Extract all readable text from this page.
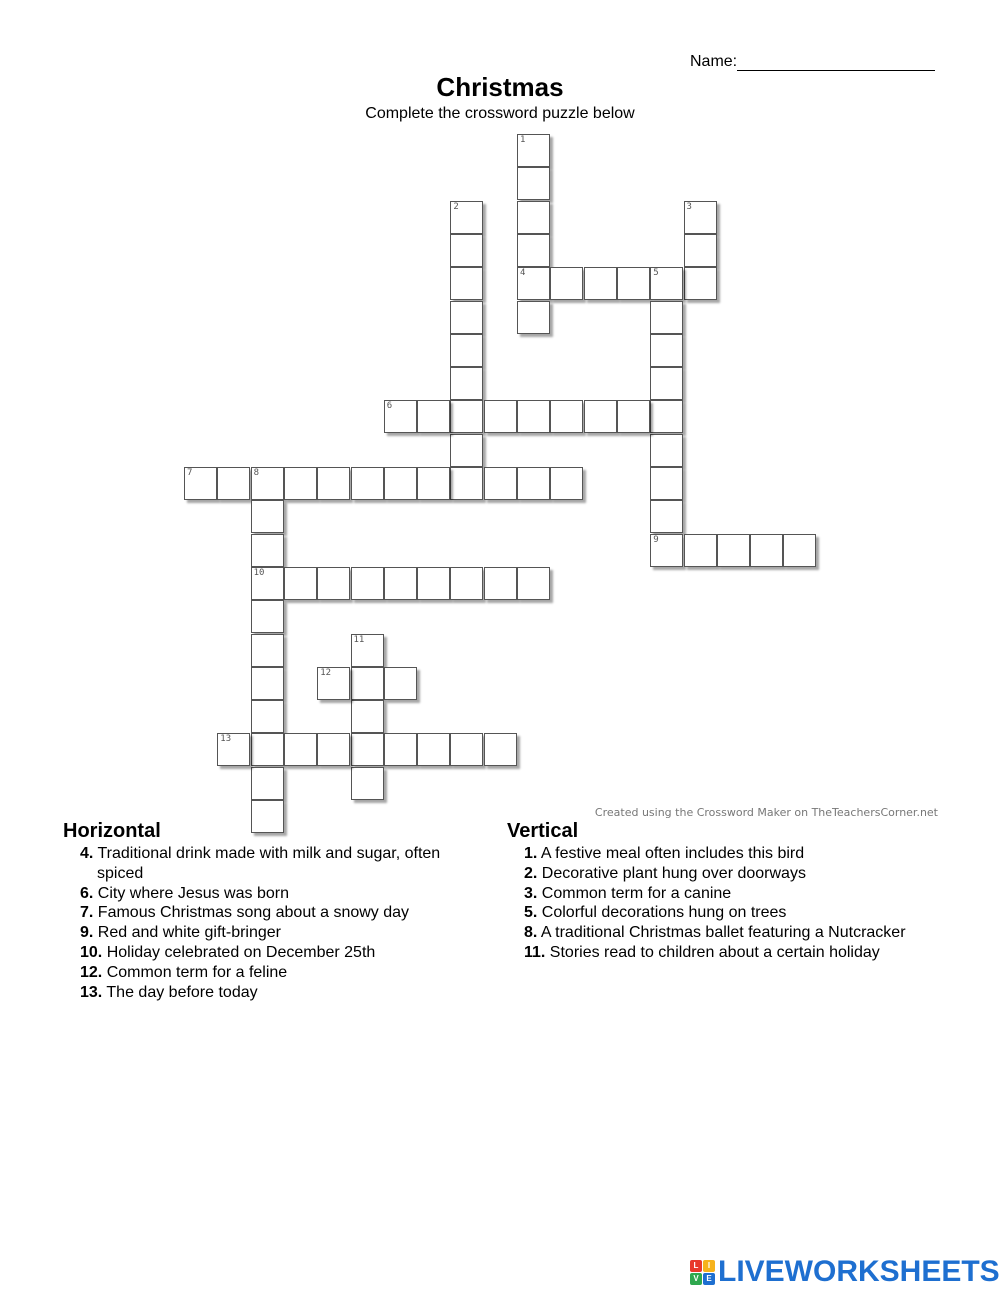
Name:
Christmas
Complete the crossword puzzle below
1
4
2	3
5
9
6
7	8
10
11
12
13
Created using the Crossword Maker on TheTeachersCorner.net
Horizontal
4. Traditional drink made with milk and sugar, often spiced
6. City where Jesus was born
7. Famous Christmas song about a snowy day
9. Red and white gift-bringer
10. Holiday celebrated on December 25th
12. Common term for a feline
13. The day before today
Vertical
1. A festive meal often includes this bird
2. Decorative plant hung over doorways
3. Common term for a canine
5. Colorful decorations hung on trees
8. A traditional Christmas ballet featuring a Nutcracker
11. Stories read to children about a certain holiday
L	I
V E LIVEWORKSHEETS
